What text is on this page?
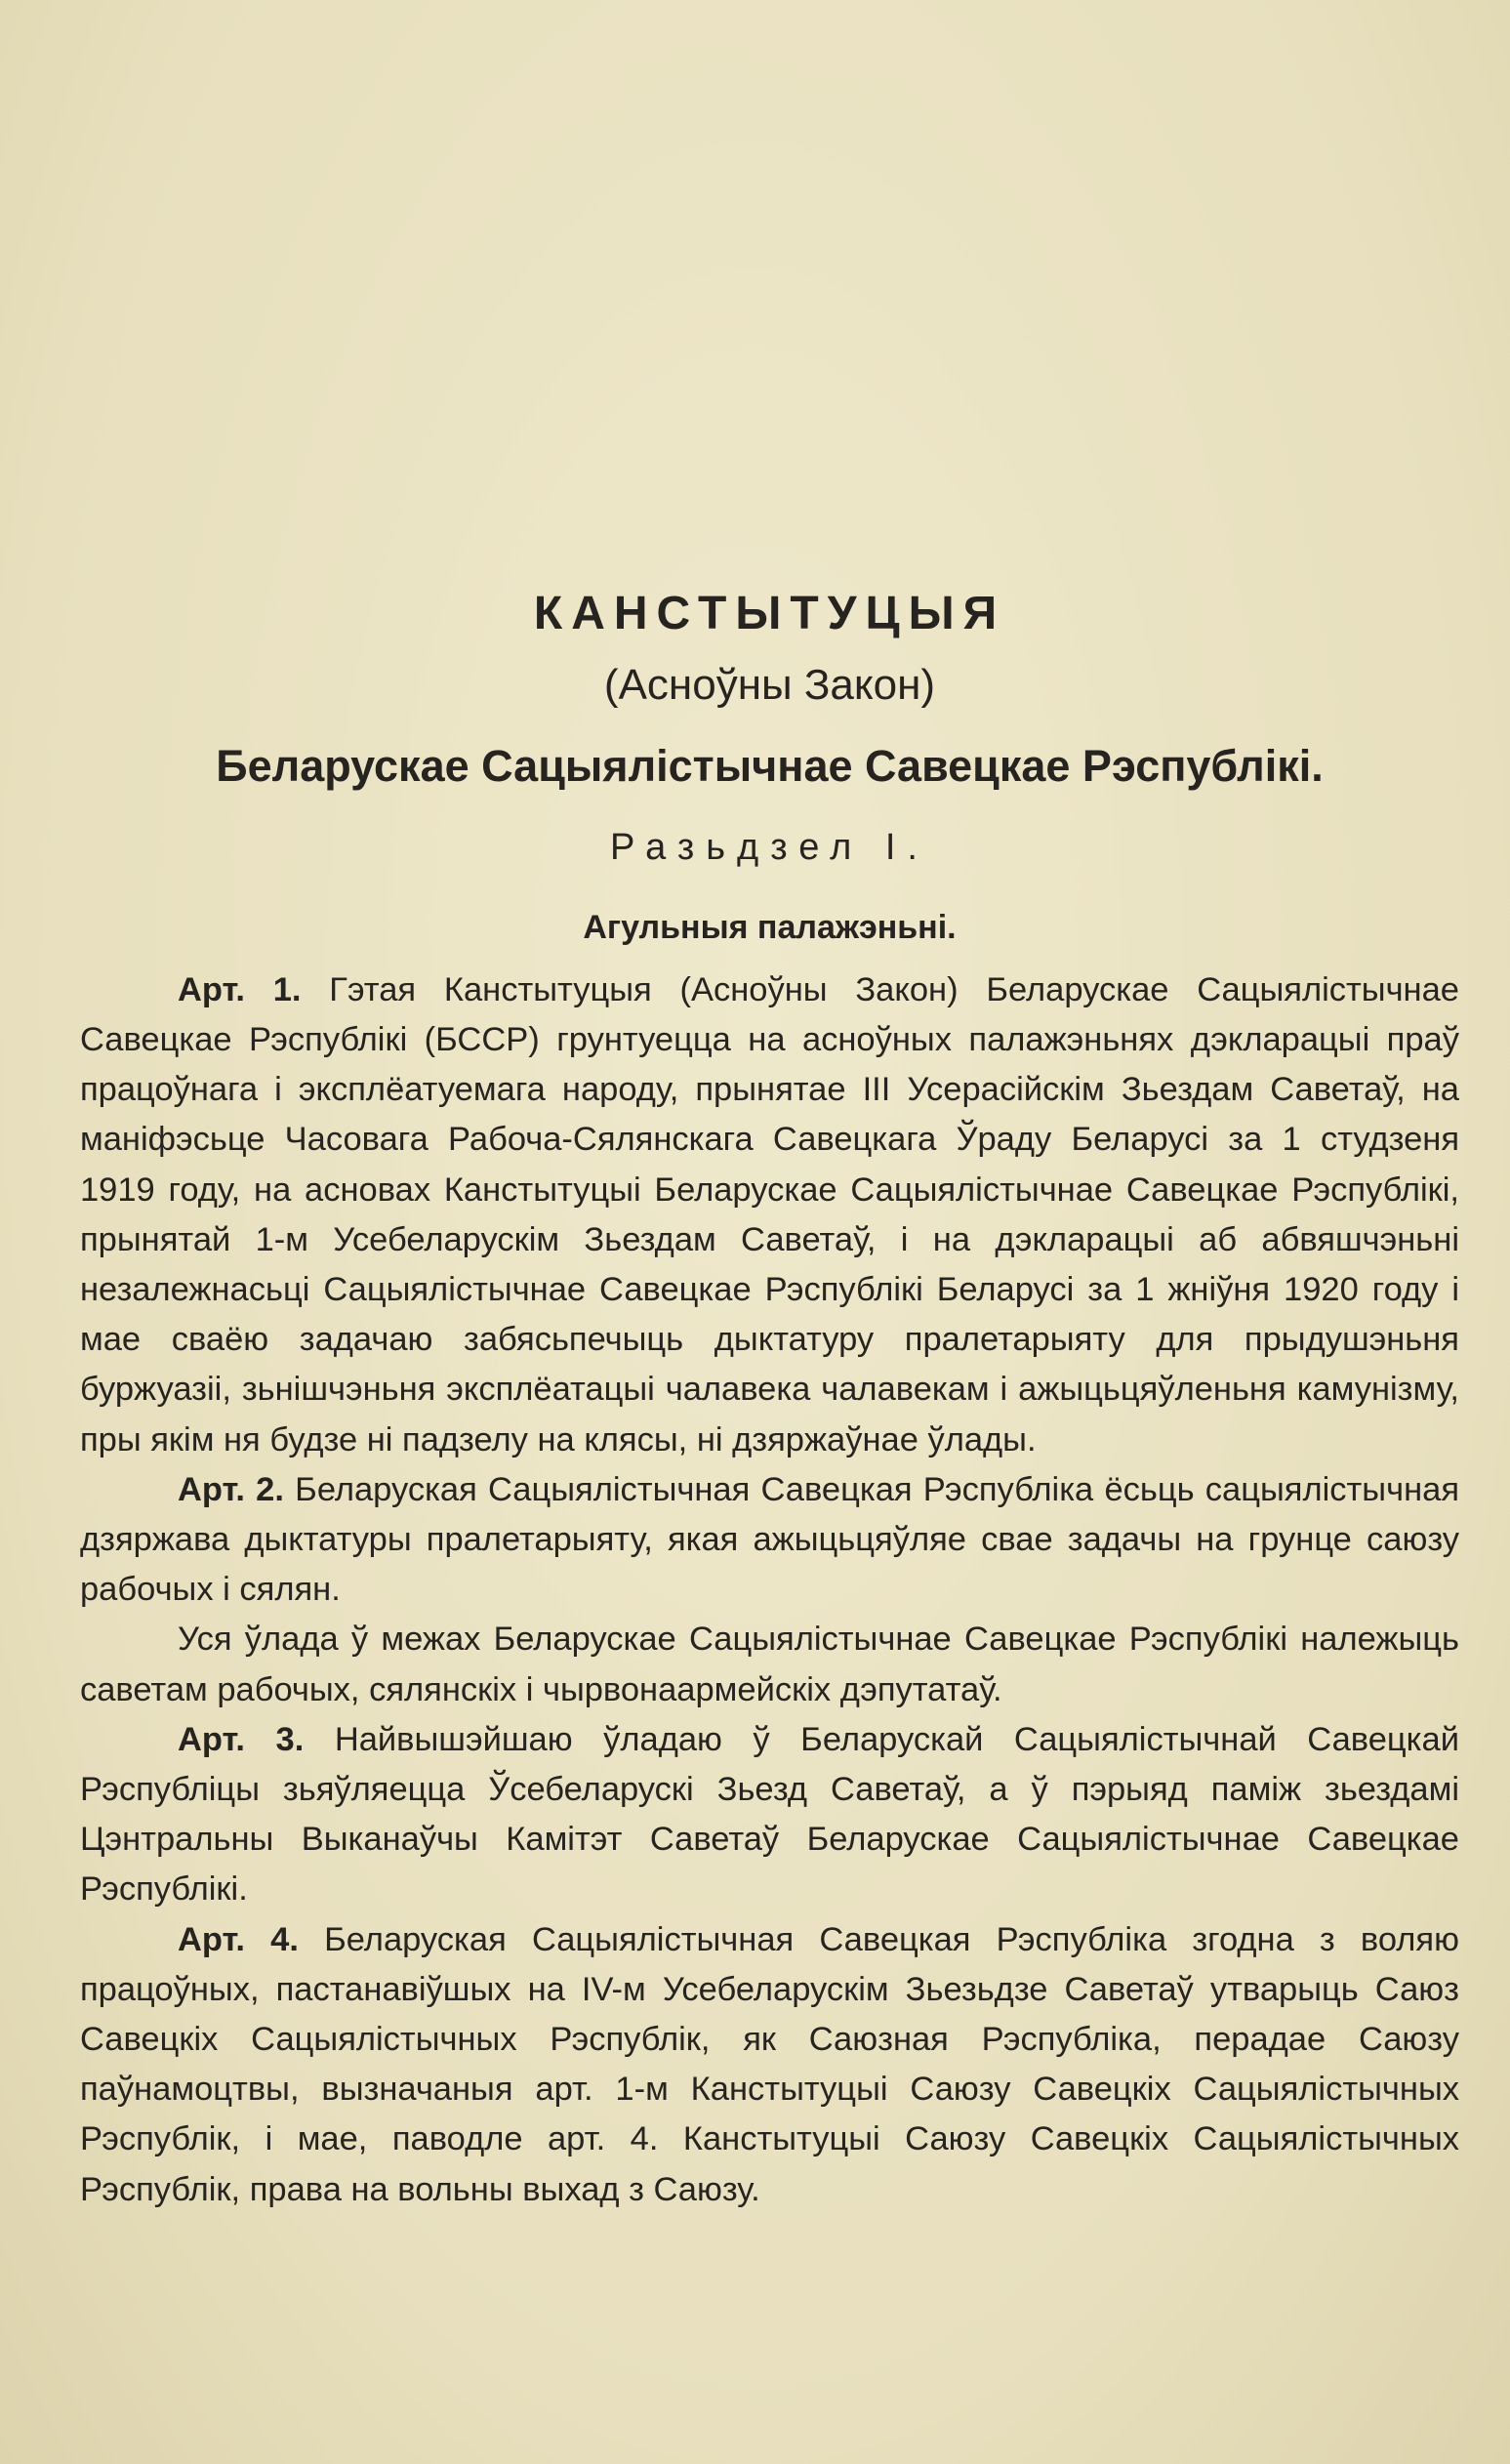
КАНСТЫТУЦЫЯ
(Асноўны Закон)
Беларускае Сацыялістычнае Савецкае Рэспублікі.
Разьдзел I.
Агульныя палажэньні.

Арт. 1. Гэтая Канстытуцыя (Асноўны Закон) Беларускае Сацыялістычнае Савецкае Рэспублікі (БССР) грунтуецца на асноўных палажэньнях дэкларацыі праў працоўнага і эксплёатуемага народу, прынятае III Усерасійскім Зьездам Саветаў, на маніфэсьце Часовага Рабоча-Сялянскага Савецкага Ўраду Беларусі за 1 студзеня 1919 году, на асновах Канстытуцыі Беларускае Сацыялістычнае Савецкае Рэспублікі, прынятай 1-м Усебеларускім Зьездам Саветаў, і на дэкларацыі аб абвяшчэньні незалежнасьці Сацыялістычнае Савецкае Рэспублікі Беларусі за 1 жніўня 1920 году і мае сваёю задачаю забясьпечыць дыктатуру пралетарыяту для прыдушэньня буржуазіі, зьнішчэньня эксплёатацыі чалавека чалавекам і ажыцьцяўленьня камунізму, пры якім ня будзе ні падзелу на клясы, ні дзяржаўнае ўлады.

Арт. 2. Беларуская Сацыялістычная Савецкая Рэспубліка ёсьць сацыялістычная дзяржава дыктатуры пралетарыяту, якая ажыцьцяўляе свае задачы на грунце саюзу рабочых і сялян.

Уся ўлада ў межах Беларускае Сацыялістычнае Савецкае Рэспублікі належыць саветам рабочых, сялянскіх і чырвонаармейскіх дэпутатаў.

Арт. 3. Найвышэйшаю ўладаю ў Беларускай Сацыялістычнай Савецкай Рэспубліцы зьяўляецца Ўсебеларускі Зьезд Саветаў, а ў пэрыяд паміж зьездамі Цэнтральны Выканаўчы Камітэт Саветаў Беларускае Сацыялістычнае Савецкае Рэспублікі.

Арт. 4. Беларуская Сацыялістычная Савецкая Рэспубліка згодна з воляю працоўных, пастанавіўшых на IV-м Усебеларускім Зьезьдзе Саветаў утварыць Саюз Савецкіх Сацыялістычных Рэспублік, як Саюзная Рэспубліка, перадае Саюзу паўнамоцтвы, вызначаныя арт. 1-м Канстытуцыі Саюзу Савецкіх Сацыялістычных Рэспублік, і мае, паводле арт. 4. Канстытуцыі Саюзу Савецкіх Сацыялістычных Рэспублік, права на вольны выхад з Саюзу.
